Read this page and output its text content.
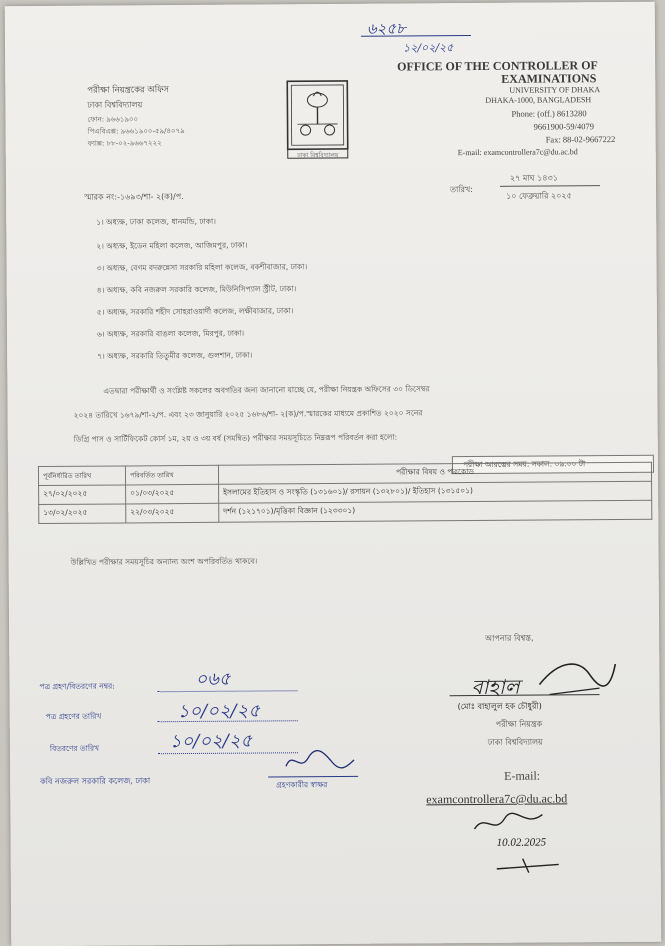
৬২৫৮
১২/০২/২৫
পরীক্ষা নিয়ন্ত্রকের অফিস
ঢাকা বিশ্ববিদ্যালয়
ফোন: ৯৬৬১৯০০
পিএবিএক্স: ৯৬৬১৯০০-৫৯/৪০৭৯
ফ্যাক্স: ৮৮-০২-৯৬৬৭২২২
ঢাকা বিশ্ববিদ্যালয়
OFFICE OF THE CONTROLLER OF
EXAMINATIONS
UNIVERSITY OF DHAKA
DHAKA-1000, BANGLADESH
Phone: (off.) 8613280
9661900-59/4079
Fax: 88-02-9667222
E-mail: examcontrollera7c@du.ac.bd
স্মারক নং:-১৬৯৩/শা- ২(ক)/প.
তারিখ:
২৭ মাঘ ১৪৩১
১০ ফেব্রুয়ারি ২০২৫
১। অধ্যক্ষ, ঢাকা কলেজ, ধানমন্ডি, ঢাকা।
২। অধ্যক্ষ, ইডেন মহিলা কলেজ, আজিমপুর, ঢাকা।
৩। অধ্যক্ষ, বেগম বদরুন্নেসা সরকারি মহিলা কলেজ, বকশীবাজার, ঢাকা।
৪। অধ্যক্ষ, কবি নজরুল সরকারি কলেজ, মিউনিসিপ্যাল স্ট্রীট, ঢাকা।
৫। অধ্যক্ষ, সরকারি শহীদ সোহরাওয়ার্দী কলেজ, লক্ষীবাজার, ঢাকা।
৬। অধ্যক্ষ, সরকারি বাঙলা কলেজ, মিরপুর, ঢাকা।
৭। অধ্যক্ষ, সরকারি তিতুমীর কলেজ, গুলশান, ঢাকা।
এতদ্বারা পরীক্ষার্থী ও সংশ্লিষ্ট সকলের অবগতির জন্য জানানো যাচ্ছে যে, পরীক্ষা নিয়ন্ত্রক অফিসের ৩০ ডিসেম্বর
২০২৪ তারিখে ১৬৭৯/শা-২/প. এবং ২৩ জানুয়ারি ২০২৫ ১৬৮৬/শা- ২(ক)/প.স্মারকের মাধ্যমে প্রকাশিত ২০২০ সনের
ডিগ্রি পাস ও সার্টিফিকেট কোর্স ১ম, ২য় ও ৩য় বর্ষ (সমন্বিত) পরীক্ষার সময়সূচিতে নিম্নরূপ পরিবর্তন করা হলো:
পরীক্ষা আরম্ভের সময়: সকাল: ০৯.০০ টা
পূর্বনির্ধারিত তারিখ	পরিবর্তিত তারিখ	পরীক্ষার বিষয় ও পত্রকোড
২৭/০২/২০২৫	০১/০৩/২০২৫	ইসলামের ইতিহাস ও সংস্কৃতি (১৩১৬০১)/ রসায়ন (১৩২৮০১)/ ইতিহাস (১৩১৫০১)
১৩/০২/২০২৫	২২/০৩/২০২৫	দর্শন (১২১৭০১)/মৃত্তিকা বিজ্ঞান (১২৩৩০১)
উল্লিখিত পরীক্ষার সময়সূচির অন্যান্য অংশ অপরিবর্তিত থাকবে।
আপনার বিশ্বস্ত,
বাহাল
(মোঃ বাহালুল হক চৌধুরী)
পরীক্ষা নিয়ন্ত্রক
ঢাকা বিশ্ববিদ্যালয়
E-mail:
examcontrollera7c@du.ac.bd
10.02.2025
পত্র গ্রহণ/বিতরণের নম্বর:	০৬৫
পত্র গ্রহণের তারিখ	১০/০২/২৫
বিতরণের তারিখ	১০/০২/২৫
কবি নজরুল সরকারি কলেজ, ঢাকা	গ্রহণকারীর স্বাক্ষর
